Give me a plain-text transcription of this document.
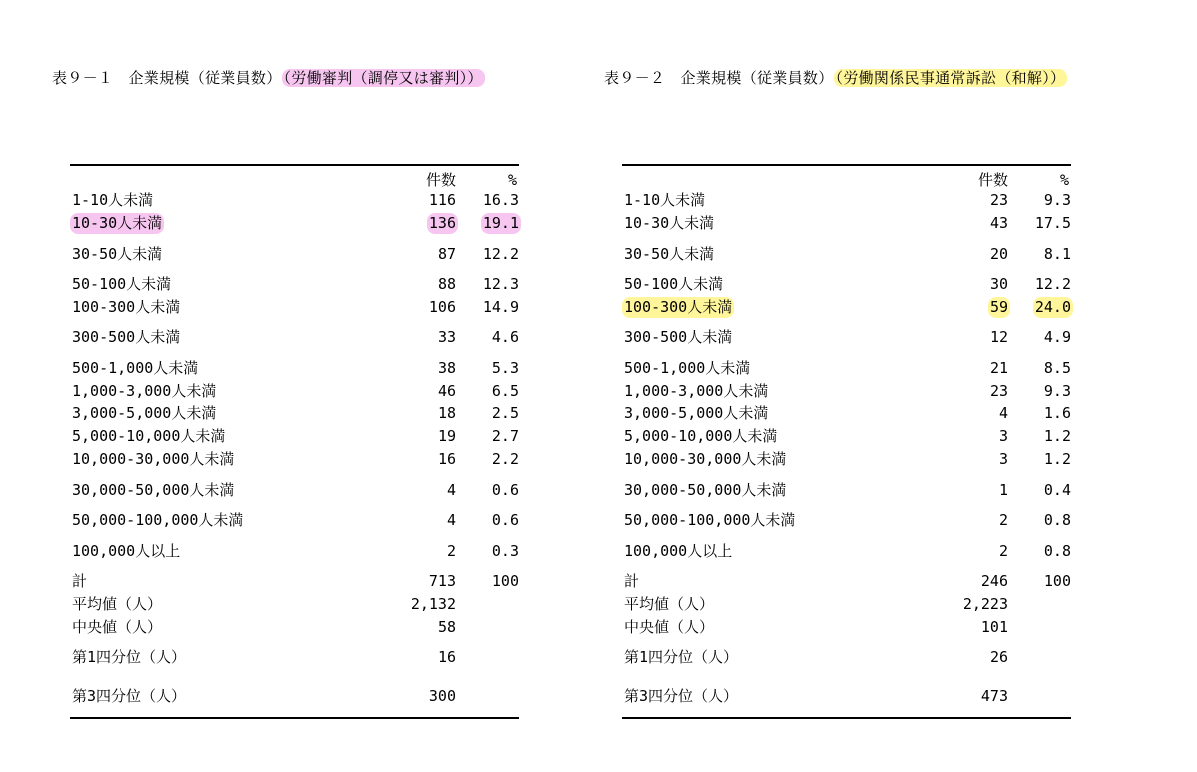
表９－１　企業規模（従業員数） （労働審判（調停又は審判））
件数	%
1-10人未満	116 16.3
10-30人未満	136 19.1
30-50人未満	87 12.2
50-100人未満	88 12.3
100-300人未満	106 14.9
300-500人未満	33 4.6
500-1,000人未満	38 5.3
1,000-3,000人未満	46 6.5
3,000-5,000人未満	18 2.5
5,000-10,000人未満	19 2.7
10,000-30,000人未満	16 2.2
30,000-50,000人未満	4 0.6
50,000-100,000人未満	4 0.6
100,000人以上	2 0.3
計	713 100
平均値（人）	2,132
中央値（人）	58
第1四分位（人）	16
第3四分位（人）	300
表９－２　企業規模（従業員数） （労働関係民事通常訴訟（和解））
件数	%
1-10人未満	23 9.3
10-30人未満	43 17.5
30-50人未満	20 8.1
50-100人未満	30 12.2
100-300人未満	59 24.0
300-500人未満	12 4.9
500-1,000人未満	21 8.5
1,000-3,000人未満	23 9.3
3,000-5,000人未満	4 1.6
5,000-10,000人未満	3 1.2
10,000-30,000人未満	3 1.2
30,000-50,000人未満	1 0.4
50,000-100,000人未満	2 0.8
100,000人以上	2 0.8
計	246 100
平均値（人）	2,223
中央値（人）	101
第1四分位（人）	26
第3四分位（人）	473
